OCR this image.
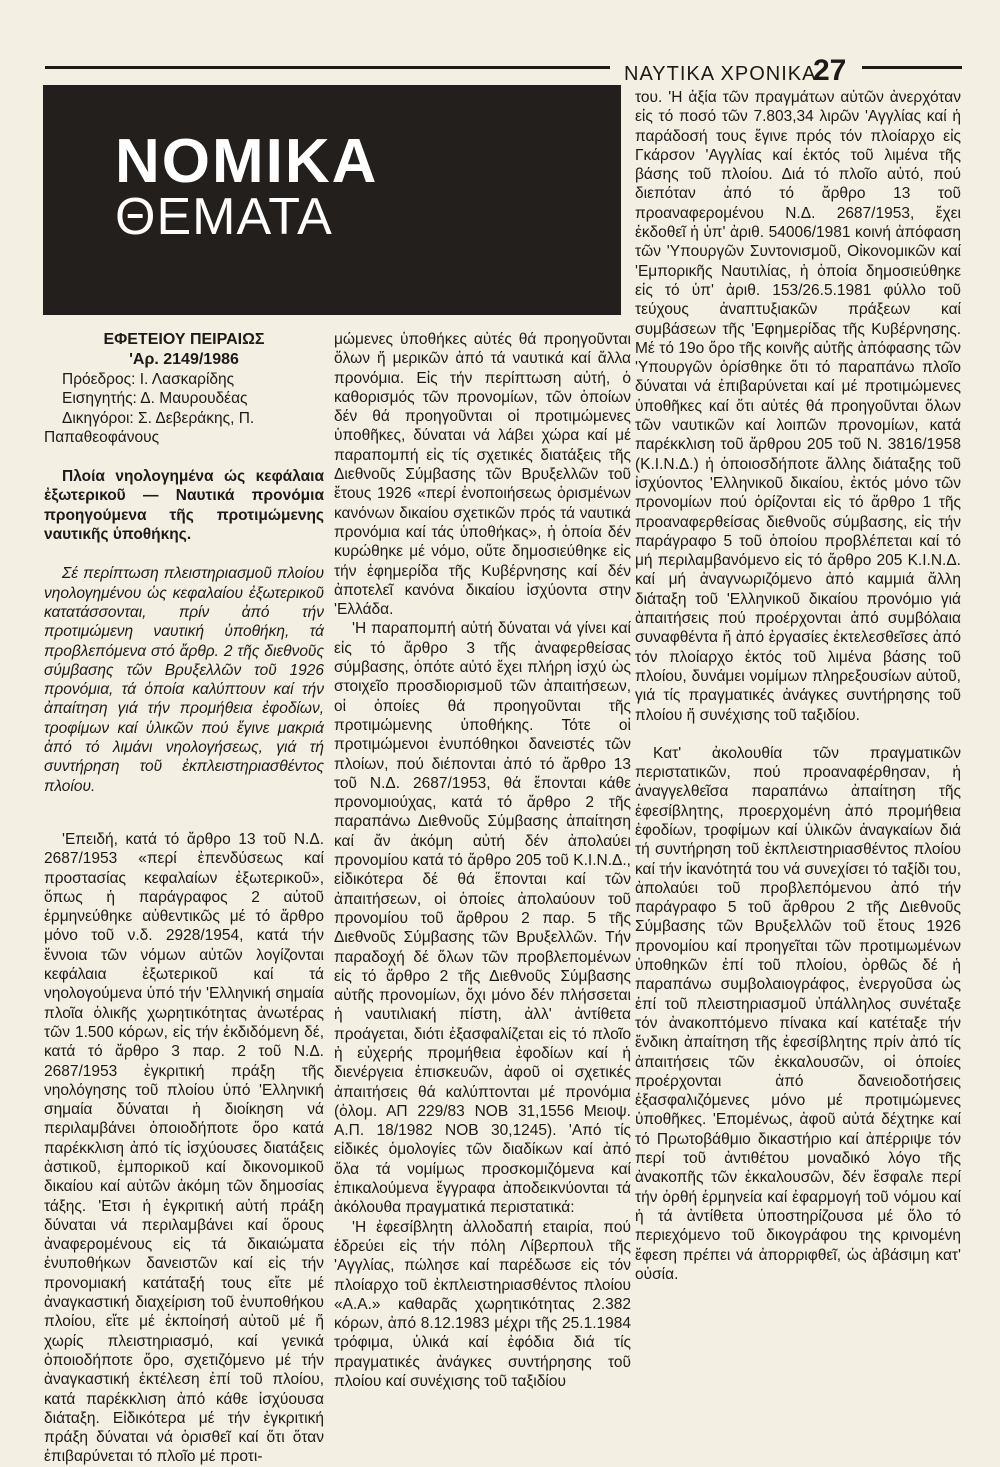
ΝΑΥΤΙΚΑ ΧΡΟΝΙΚΑ
27
ΝΟΜΙΚΑ
ΘΕΜΑΤΑ
ΕΦΕΤΕΙΟΥ ΠΕΙΡΑΙΩΣ
'Αρ. 2149/1986

Πρόεδρος: Ι. Λασκαρίδης

Εισηγητής: Δ. Μαυρουδέας

Δικηγόροι: Σ. Δεβεράκης, Π. Παπαθεοφάνους

Πλοία νηολογημένα ώς κεφάλαια ἐξωτερικοῦ — Ναυτικά προνόμια προηγούμενα τῆς προτιμώμενης ναυτικῆς ὑποθήκης.

Σέ περίπτωση πλειστηριασμοῦ πλοίου νηολογημένου ὡς κεφαλαίου ἐξωτερικοῦ κατατάσσονται, πρίν ἀπό τήν προτιμώμενη ναυτική ὑποθήκη, τά προβλεπόμενα στό ἄρθρ. 2 τῆς διεθνοῦς σύμβασης τῶν Βρυξελλῶν τοῦ 1926 προνόμια, τά ὁποία καλύπτουν καί τήν ἀπαίτηση γιά τήν προμήθεια ἐφοδίων, τροφίμων καί ὑλικῶν πού ἔγινε μακριά ἀπό τό λιμάνι νηολογήσεως, γιά τή συντήρηση τοῦ ἐκπλειστηριασθέντος πλοίου.

'Επειδή, κατά τό ἄρθρο 13 τοῦ Ν.Δ. 2687/1953 «περί ἐπενδύσεως καί προστασίας κεφαλαίων ἐξωτερικοῦ», ὅπως ἡ παράγραφος 2 αὐτοῦ ἑρμηνεύθηκε αὐθεντικῶς μέ τό ἄρθρο μόνο τοῦ ν.δ. 2928/1954, κατά τήν ἔννοια τῶν νόμων αὐτῶν λογίζονται κεφάλαια ἐξωτερικοῦ καί τά νηολογούμενα ὑπό τήν 'Ελληνική σημαία πλοῖα ὁλικῆς χωρητικότητας ἀνωτέρας τῶν 1.500 κόρων, εἰς τήν ἐκδιδόμενη δέ, κατά τό ἄρθρο 3 παρ. 2 τοῦ Ν.Δ. 2687/1953 ἐγκριτική πράξη τῆς νηολόγησης τοῦ πλοίου ὑπό 'Ελληνική σημαία δύναται ἡ διοίκηση νά περιλαμβάνει ὁποιοδήποτε ὅρο κατά παρέκκλιση ἀπό τίς ἰσχύουσες διατάξεις ἀστικοῦ, ἐμπορικοῦ καί δικονομικοῦ δικαίου καί αὐτῶν ἀκόμη τῶν δημοσίας τάξης. 'Ετσι ἡ ἐγκριτική αὐτή πράξη δύναται νά περιλαμβάνει καί ὅρους ἀναφερομένους εἰς τά δικαιώματα ἐνυποθήκων δανειστῶν καί εἰς τήν προνομιακή κατάταξή τους εἴτε μέ ἀναγκαστική διαχείριση τοῦ ἐνυποθήκου πλοίου, εἴτε μέ ἐκποίησή αὐτοῦ μέ ἤ χωρίς πλειστηριασμό, καί γενικά ὁποιοδήποτε ὅρο, σχετιζόμενο μέ τήν ἀναγκαστική ἐκτέλεση ἐπί τοῦ πλοίου, κατά παρέκκλιση ἀπό κάθε ἰσχύουσα διάταξη. Εἰδικότερα μέ τήν ἐγκριτική πράξη δύναται νά ὁρισθεῖ καί ὅτι ὅταν ἐπιβαρύνεται τό πλοῖο μέ προτι-

μώμενες ὑποθήκες αὐτές θά προηγοῦνται ὅλων ἤ μερικῶν ἀπό τά ναυτικά καί ἄλλα προνόμια. Εἰς τήν περίπτωση αὐτή, ὁ καθορισμός τῶν προνομίων, τῶν ὁποίων δέν θά προηγοῦνται οἱ προτιμώμενες ὑποθῆκες, δύναται νά λάβει χώρα καί μέ παραπομπή εἰς τίς σχετικές διατάξεις τῆς Διεθνοῦς Σύμβασης τῶν Βρυξελλῶν τοῦ ἔτους 1926 «περί ἐνοποιήσεως ὁρισμένων κανόνων δικαίου σχετικῶν πρός τά ναυτικά προνόμια καί τάς ὑποθήκας», ἡ ὁποία δέν κυρώθηκε μέ νόμο, οὔτε δημοσιεύθηκε εἰς τήν ἐφημερίδα τῆς Κυβέρνησης καί δέν ἀποτελεῖ κανόνα δικαίου ἰσχύοντα στην 'Ελλάδα.

'Η παραπομπή αὐτή δύναται νά γίνει καί εἰς τό ἄρθρο 3 τῆς ἀναφερθείσας σύμβασης, ὁπότε αὐτό ἔχει πλήρη ἰσχύ ὡς στοιχεῖο προσδιορισμοῦ τῶν ἀπαιτήσεων, οἱ ὁποίες θά προηγοῦνται τῆς προτιμώμενης ὑποθήκης. Τότε οἱ προτιμώμενοι ἐνυπόθηκοι δανειστές τῶν πλοίων, πού διέπονται ἀπό τό ἄρθρο 13 τοῦ Ν.Δ. 2687/1953, θά ἕπονται κάθε προνομιούχας, κατά τό ἄρθρο 2 τῆς παραπάνω Διεθνοῦς Σύμβασης ἀπαίτηση καί ἄν ἀκόμη αὐτή δέν ἀπολαύει προνομίου κατά τό ἄρθρο 205 τοῦ Κ.Ι.Ν.Δ., εἰδικότερα δέ θά ἕπονται καί τῶν ἀπαιτήσεων, οἱ ὁποίες ἀπολαύουν τοῦ προνομίου τοῦ ἄρθρου 2 παρ. 5 τῆς Διεθνοῦς Σύμβασης τῶν Βρυξελλῶν. Τήν παραδοχή δέ ὅλων τῶν προβλεπομένων εἰς τό ἄρθρο 2 τῆς Διεθνοῦς Σύμβασης αὐτῆς προνομίων, ὄχι μόνο δέν πλήσσεται ἡ ναυτιλιακή πίστη, ἀλλ' ἀντίθετα προάγεται, διότι ἐξασφαλίζεται εἰς τό πλοῖο ἡ εὐχερής προμήθεια ἐφοδίων καί ἡ διενέργεια ἐπισκευῶν, ἀφοῦ οἱ σχετικές ἀπαιτήσεις θά καλύπτονται μέ προνόμια (ὁλομ. ΑΠ 229/83 ΝΟΒ 31,1556 Μειοψ. Α.Π. 18/1982 ΝΟΒ 30,1245). 'Από τίς εἰδικές ὁμολογίες τῶν διαδίκων καί ἀπό ὅλα τά νομίμως προσκομιζόμενα καί ἐπικαλούμενα ἔγγραφα ἀποδεικνύονται τά ἀκόλουθα πραγματικά περιστατικά:

'Η ἐφεσίβλητη ἀλλοδαπή εταιρία, πού ἑδρεύει εἰς τήν πόλη Λίβερπουλ τῆς 'Αγγλίας, πώλησε καί παρέδωσε εἰς τόν πλοίαρχο τοῦ ἐκπλειστηριασθέντος πλοίου «Α.Α.» καθαρᾶς χωρητικότητας 2.382 κόρων, ἀπό 8.12.1983 μέχρι τῆς 25.1.1984 τρόφιμα, ὑλικά καί ἐφόδια διά τίς πραγματικές ἀνάγκες συντήρησης τοῦ πλοίου καί συνέχισης τοῦ ταξιδίου

του. 'Η ἀξία τῶν πραγμάτων αὐτῶν ἀνερχόταν εἰς τό ποσό τῶν 7.803,34 λιρῶν 'Αγγλίας καί ἡ παράδοσή τους ἔγινε πρός τόν πλοίαρχο εἰς Γκάρσον 'Αγγλίας καί ἐκτός τοῦ λιμένα τῆς βάσης τοῦ πλοίου. Διά τό πλοῖο αὐτό, πού διεπόταν ἀπό τό ἄρθρο 13 τοῦ προαναφερομένου Ν.Δ. 2687/1953, ἔχει ἐκδοθεῖ ἡ ὑπ' ἀριθ. 54006/1981 κοινή ἀπόφαση τῶν 'Υπουργῶν Συντονισμοῦ, Οἰκονομικῶν καί 'Εμπορικῆς Ναυτιλίας, ἡ ὁποία δημοσιεύθηκε εἰς τό ὑπ' ἀριθ. 153/26.5.1981 φύλλο τοῦ τεύχους ἀναπτυξιακῶν πράξεων καί συμβάσεων τῆς 'Εφημερίδας τῆς Κυβέρνησης. Μέ τό 19ο ὅρο τῆς κοινῆς αὐτῆς ἀπόφασης τῶν 'Υπουργῶν ὁρίσθηκε ὅτι τό παραπάνω πλοῖο δύναται νά ἐπιβαρύνεται καί μέ προτιμώμενες ὑποθῆκες καί ὅτι αὐτές θά προηγοῦνται ὅλων τῶν ναυτικῶν καί λοιπῶν προνομίων, κατά παρέκκλιση τοῦ ἄρθρου 205 τοῦ Ν. 3816/1958 (Κ.Ι.Ν.Δ.) ἡ ὁποιοσδήποτε ἄλλης διάταξης τοῦ ἰσχύοντος 'Ελληνικοῦ δικαίου, ἐκτός μόνο τῶν προνομίων πού ὁρίζονται εἰς τό ἄρθρο 1 τῆς προαναφερθείσας διεθνοῦς σύμβασης, εἰς τήν παράγραφο 5 τοῦ ὁποίου προβλέπεται καί τό μή περιλαμβανόμενο εἰς τό ἄρθρο 205 Κ.Ι.Ν.Δ. καί μή ἀναγνωριζόμενο ἀπό καμμιά ἄλλη διάταξη τοῦ 'Ελληνικοῦ δικαίου προνόμιο γιά ἀπαιτήσεις πού προέρχονται ἀπό συμβόλαια συναφθέντα ἤ ἀπό ἐργασίες ἐκτελεσθεῖσες ἀπό τόν πλοίαρχο ἐκτός τοῦ λιμένα βάσης τοῦ πλοίου, δυνάμει νομίμων πληρεξουσίων αὐτοῦ, γιά τίς πραγματικές ἀνάγκες συντήρησης τοῦ πλοίου ἤ συνέχισης τοῦ ταξιδίου.

Κατ' ἀκολουθία τῶν πραγματικῶν περιστατικῶν, πού προαναφέρθησαν, ἡ ἀναγγελθεῖσα παραπάνω ἀπαίτηση τῆς ἐφεσίβλητης, προερχομένη ἀπό προμήθεια ἐφοδίων, τροφίμων καί ὑλικῶν ἀναγκαίων διά τή συντήρηση τοῦ ἐκπλειστηριασθέντος πλοίου καί τήν ἱκανότητά του νά συνεχίσει τό ταξίδι του, ἀπολαύει τοῦ προβλεπόμενου ἀπό τήν παράγραφο 5 τοῦ ἄρθρου 2 τῆς Διεθνοῦς Σύμβασης τῶν Βρυξελλῶν τοῦ ἔτους 1926 προνομίου καί προηγεῖται τῶν προτιμωμένων ὑποθηκῶν ἐπί τοῦ πλοίου, ὀρθῶς δέ ἡ παραπάνω συμβολαιογράφος, ἐνεργοῦσα ὡς ἐπί τοῦ πλειστηριασμοῦ ὑπάλληλος συνέταξε τόν ἀνακοπτόμενο πίνακα καί κατέταξε τήν ἔνδικη ἀπαίτηση τῆς ἐφεσίβλητης πρίν ἀπό τίς ἀπαιτήσεις τῶν ἐκκαλουσῶν, οἱ ὁποίες προέρχονται ἀπό δανειοδοτήσεις ἐξασφαλιζόμενες μόνο μέ προτιμώμενες ὑποθῆκες. 'Επομένως, ἀφοῦ αὐτά δέχτηκε καί τό Πρωτοβάθμιο δικαστήριο καί ἀπέρριψε τόν περί τοῦ ἀντιθέτου μοναδικό λόγο τῆς ἀνακοπῆς τῶν ἐκκαλουσῶν, δέν ἔσφαλε περί τήν ὀρθή ἑρμηνεία καί ἐφαρμογή τοῦ νόμου καί ἡ τά ἀντίθετα ὑποστηρίζουσα μέ ὅλο τό περιεχόμενο τοῦ δικογράφου της κρινομένη ἔφεση πρέπει νά ἀπορριφθεῖ, ὡς ἀβάσιμη κατ' οὐσία.
